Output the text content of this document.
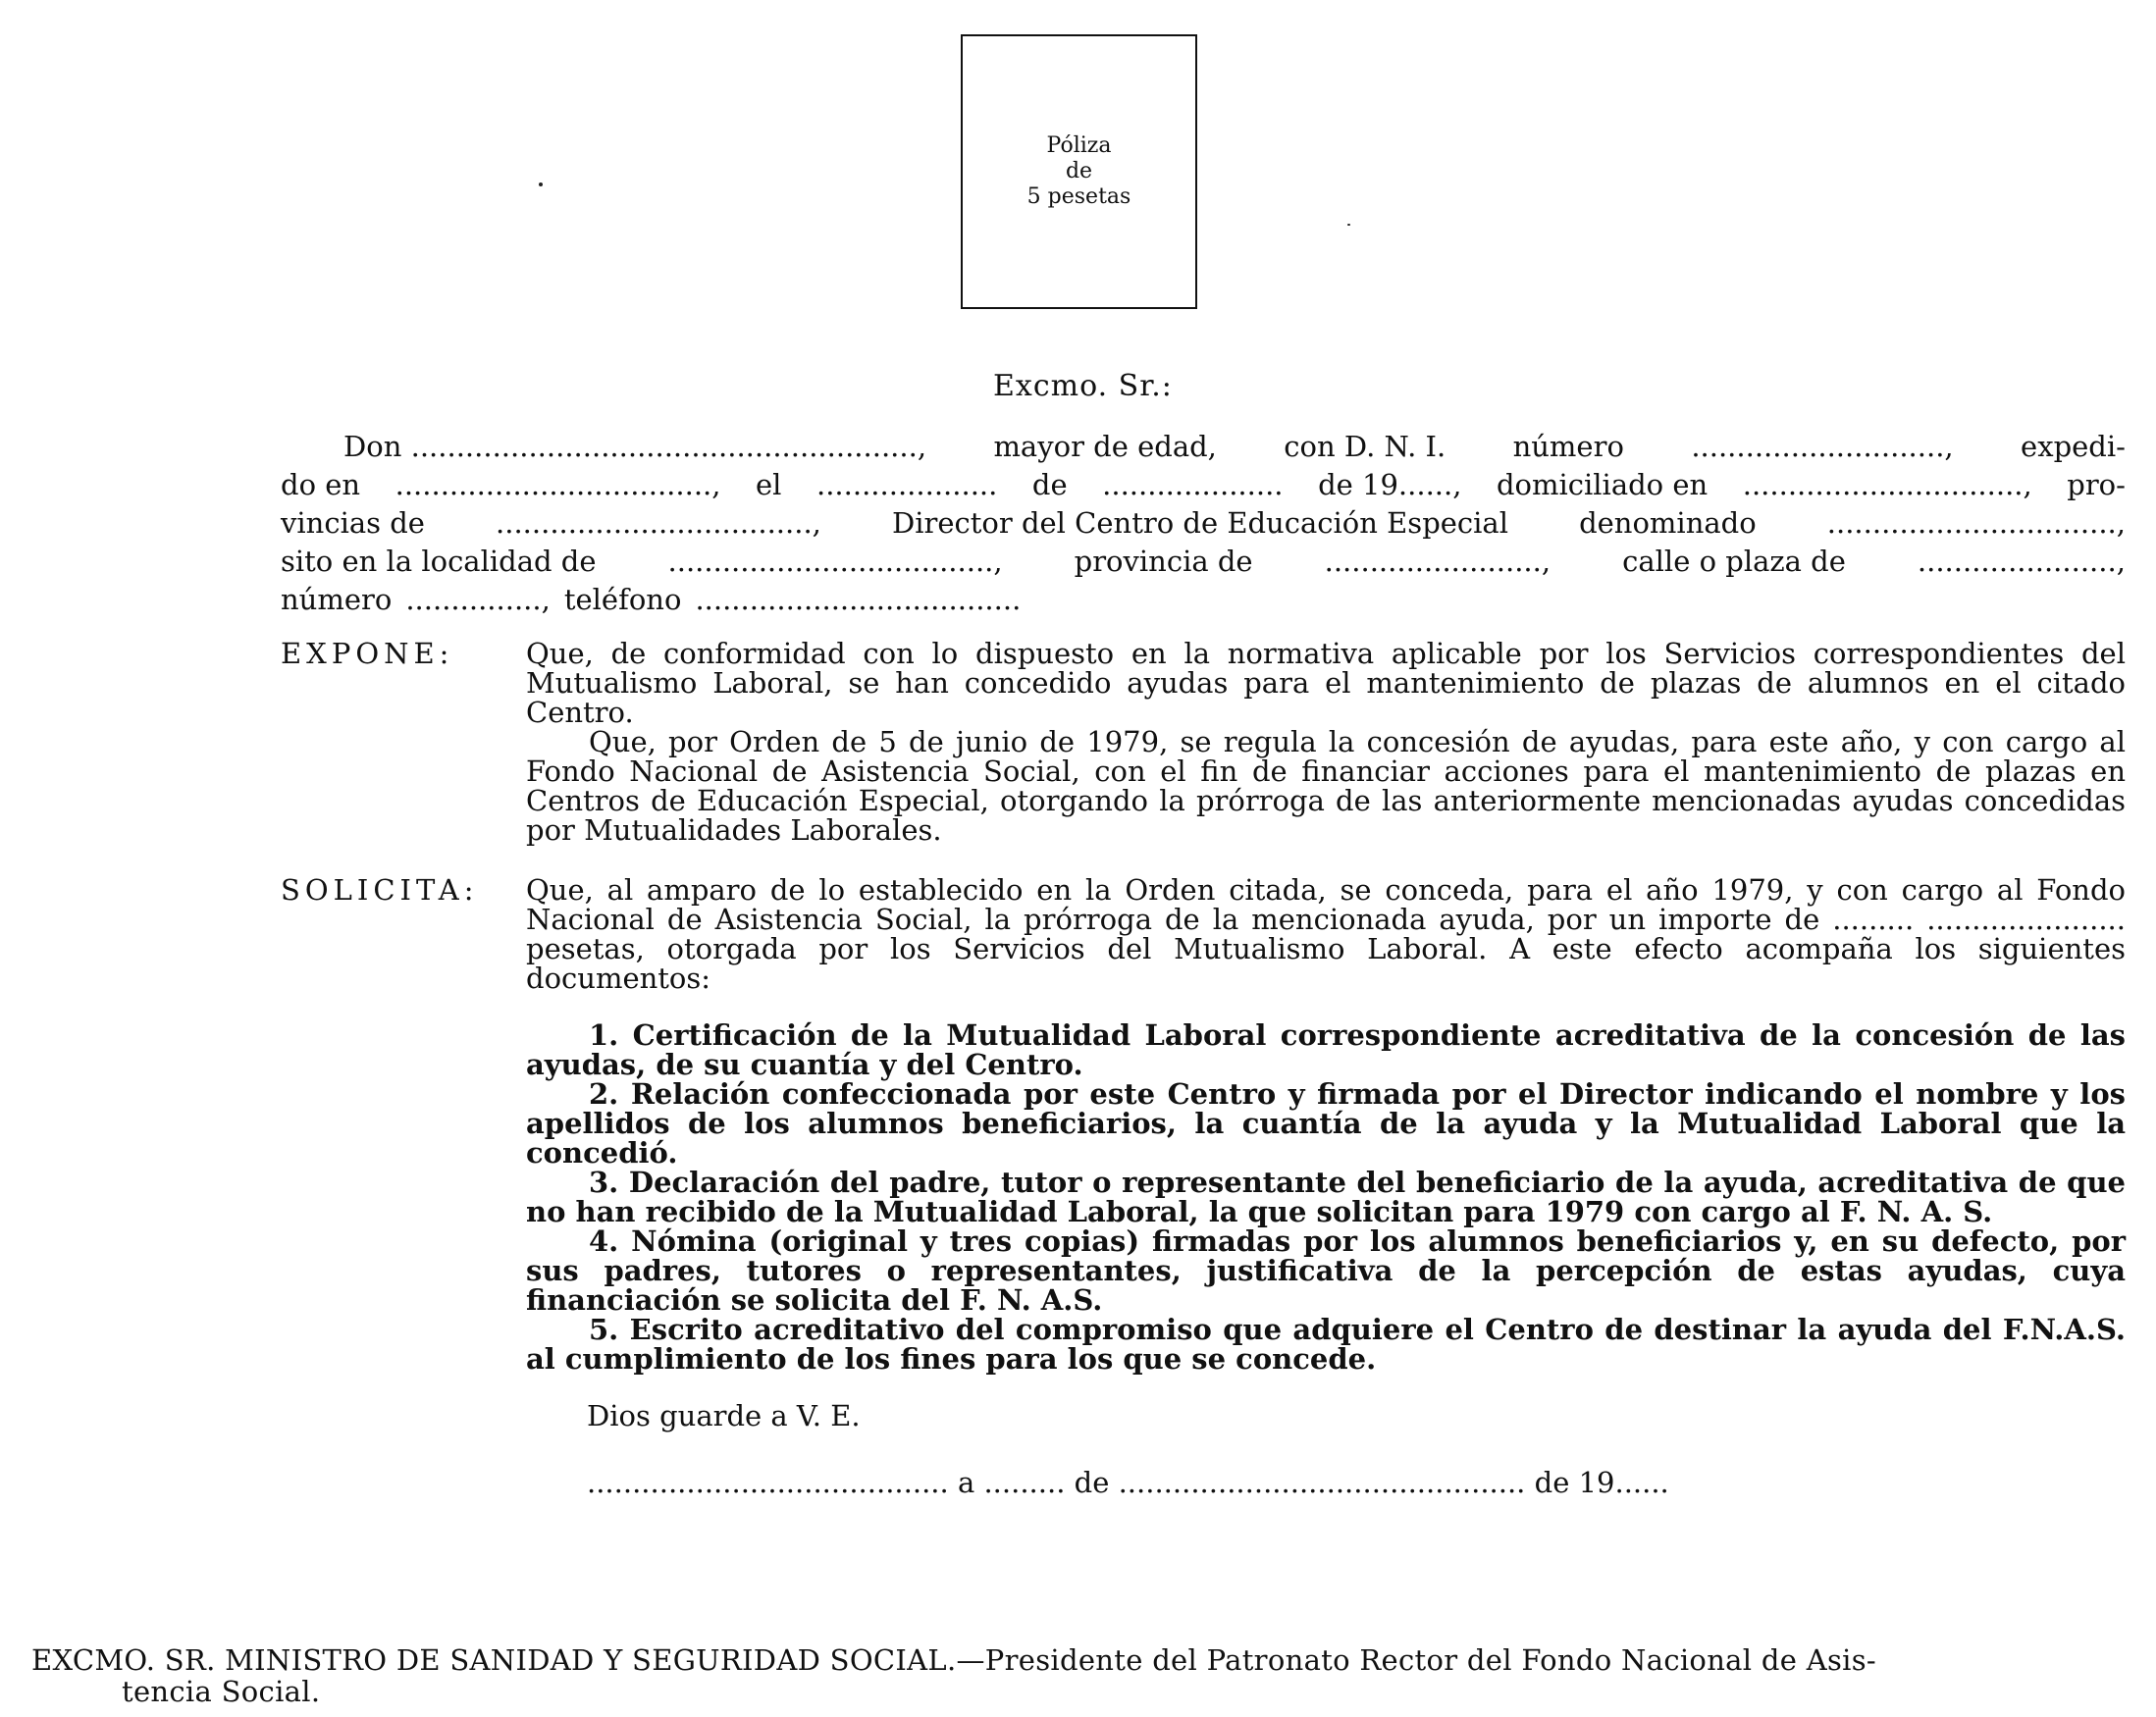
Póliza
de
5 pesetas
Excmo. Sr.:
Don ........................................................, mayor de edad, con D. N. I. número ............................, expedi-
do en ..................................., el .................... de .................... de 19......, domiciliado en ..............................., pro-
vincias de ..................................., Director del Centro de Educación Especial denominado ................................,
sito en la localidad de	....................................,	provincia de	........................,	calle o plaza de	......................,
número ..............., teléfono ....................................
EXPONE:	Que, de conformidad con lo dispuesto en la normativa aplicable por los Servicios correspondientes del Mutualismo Laboral, se han concedido ayudas para el mantenimiento de plazas de alumnos en el citado Centro.

Que, por Orden de 5 de junio de 1979, se regula la concesión de ayudas, para este año, y con cargo al Fondo Nacional de Asistencia Social, con el fin de financiar acciones para el mantenimiento de plazas en Centros de Educación Especial, otorgando la prórroga de las anteriormente mencionadas ayudas concedidas por Mutualidades Laborales.

SOLICITA: Que, al amparo de lo establecido en la Orden citada, se conceda, para el año 1979, y con cargo al Fondo Nacional de Asistencia Social, la prórroga de la mencionada ayuda, por un importe de ......... ...................... pesetas, otorgada por los Servicios del Mutualismo Laboral. A este efecto acompaña los siguientes documentos:

1. Certificación de la Mutualidad Laboral correspondiente acreditativa de la concesión de las ayudas, de su cuantía y del Centro.

2. Relación confeccionada por este Centro y firmada por el Director indicando el nombre y los apellidos de los alumnos beneficiarios, la cuantía de la ayuda y la Mutualidad Laboral que la concedió.

3. Declaración del padre, tutor o representante del beneficiario de la ayuda, acreditativa de que no han recibido de la Mutualidad Laboral, la que solicitan para 1979 con cargo al F. N. A. S.

4. Nómina (original y tres copias) firmadas por los alumnos beneficiarios y, en su defecto, por sus padres, tutores o representantes, justificativa de la percepción de estas ayudas, cuya financiación se solicita del F. N. A.S.

5. Escrito acreditativo del compromiso que adquiere el Centro de destinar la ayuda del F.N.A.S. al cumplimiento de los fines para los que se concede.

Dios guarde a V. E.
........................................ a ......... de ............................................. de 19......
EXCMO. SR. MINISTRO DE SANIDAD Y SEGURIDAD SOCIAL.—Presidente del Patronato Rector del Fondo Nacional de Asis-
tencia Social.
